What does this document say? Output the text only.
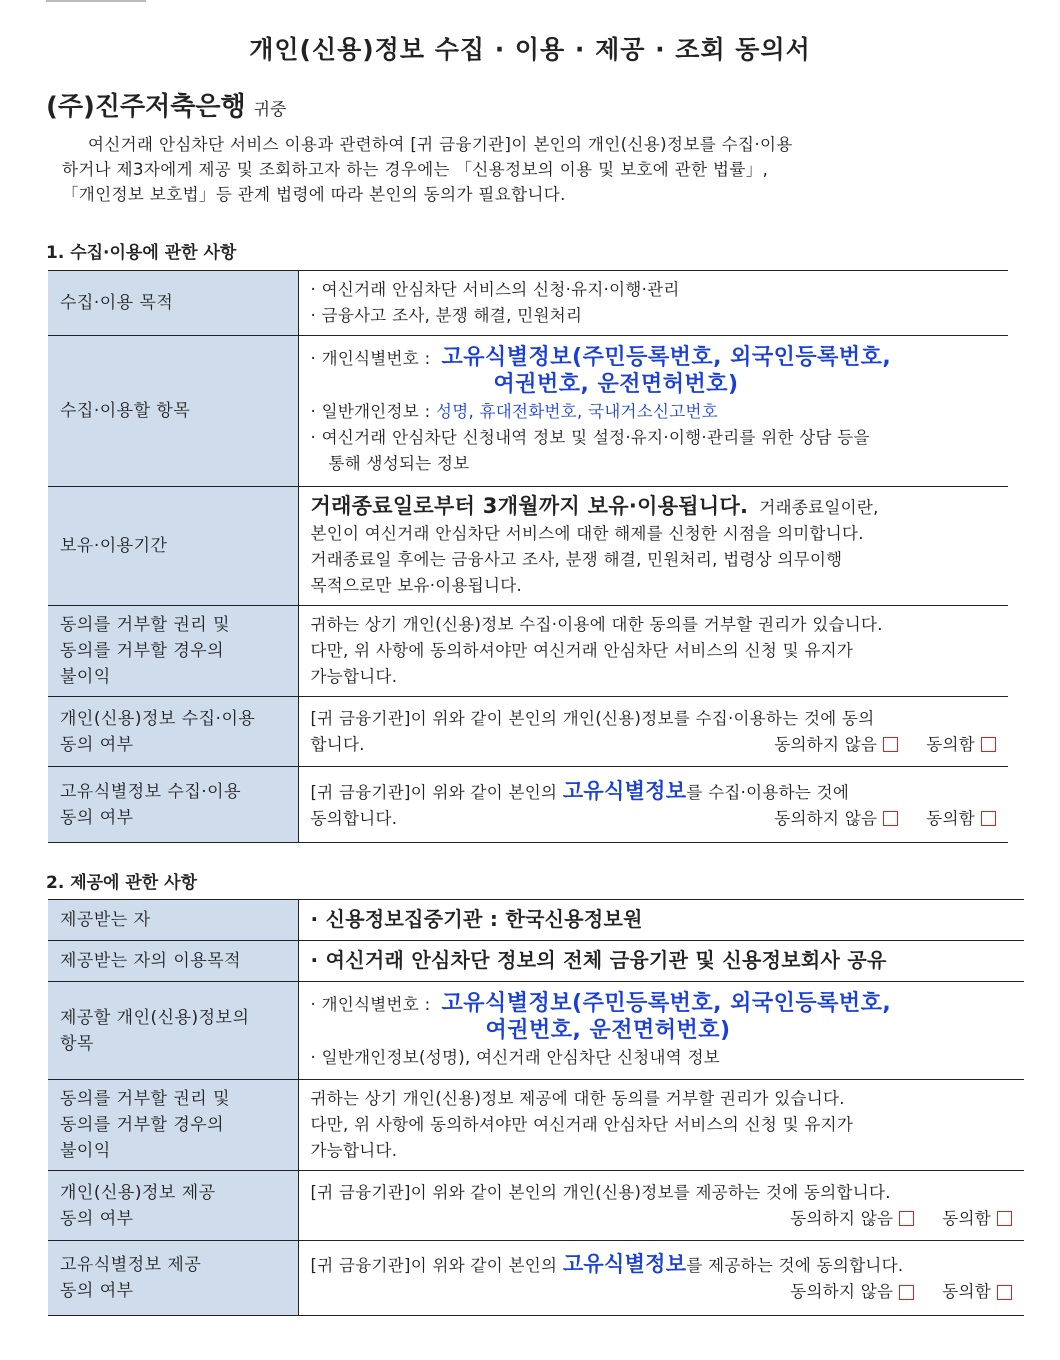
개인(신용)정보 수집 · 이용 · 제공 · 조회 동의서
(주)진주저축은행 귀중

여신거래 안심차단 서비스 이용과 관련하여 [귀 금융기관]이 본인의 개인(신용)정보를 수집·이용

하거나 제3자에게 제공 및 조회하고자 하는 경우에는 「신용정보의 이용 및 보호에 관한 법률」,
「개인정보 보호법」등 관계 법령에 따라 본인의 동의가 필요합니다.
1. 수집·이용에 관한 사항
수집·이용 목적	· 여신거래 안심차단 서비스의 신청·유지·이행·관리
· 금융사고 조사, 분쟁 해결, 민원처리

수집·이용할 항목	· 개인식별번호 : 고유식별정보(주민등록번호, 외국인등록번호,
여권번호, 운전면허번호)
· 일반개인정보 : 성명, 휴대전화번호, 국내거소신고번호
· 여신거래 안심차단 신청내역 정보 및 설정·유지·이행·관리를 위한 상담 등을
통해 생성되는 정보

보유·이용기간	거래종료일로부터 3개월까지 보유·이용됩니다. 거래종료일이란,
본인이 여신거래 안심차단 서비스에 대한 해제를 신청한 시점을 의미합니다.
거래종료일 후에는 금융사고 조사, 분쟁 해결, 민원처리, 법령상 의무이행
목적으로만 보유·이용됩니다.

동의를 거부할 권리 및
동의를 거부할 경우의
불이익	귀하는 상기 개인(신용)정보 수집·이용에 대한 동의를 거부할 권리가 있습니다.
다만, 위 사항에 동의하셔야만 여신거래 안심차단 서비스의 신청 및 유지가
가능합니다.

개인(신용)정보 수집·이용
동의 여부	[귀 금융기관]이 위와 같이 본인의 개인(신용)정보를 수집·이용하는 것에 동의
합니다. 동의하지 않음 동의함

고유식별정보 수집·이용
동의 여부	[귀 금융기관]이 위와 같이 본인의 고유식별정보를 수집·이용하는 것에
동의합니다. 동의하지 않음 동의함
2. 제공에 관한 사항
제공받는 자	· 신용정보집중기관 : 한국신용정보원
제공받는 자의 이용목적	· 여신거래 안심차단 정보의 전체 금융기관 및 신용정보회사 공유

제공할 개인(신용)정보의
항목	· 개인식별번호 : 고유식별정보(주민등록번호, 외국인등록번호,
여권번호, 운전면허번호)
· 일반개인정보(성명), 여신거래 안심차단 신청내역 정보

동의를 거부할 권리 및
동의를 거부할 경우의
불이익	귀하는 상기 개인(신용)정보 제공에 대한 동의를 거부할 권리가 있습니다.
다만, 위 사항에 동의하셔야만 여신거래 안심차단 서비스의 신청 및 유지가
가능합니다.

개인(신용)정보 제공
동의 여부	[귀 금융기관]이 위와 같이 본인의 개인(신용)정보를 제공하는 것에 동의합니다.
동의하지 않음 동의함

고유식별정보 제공
동의 여부	[귀 금융기관]이 위와 같이 본인의 고유식별정보를 제공하는 것에 동의합니다.
동의하지 않음 동의함
